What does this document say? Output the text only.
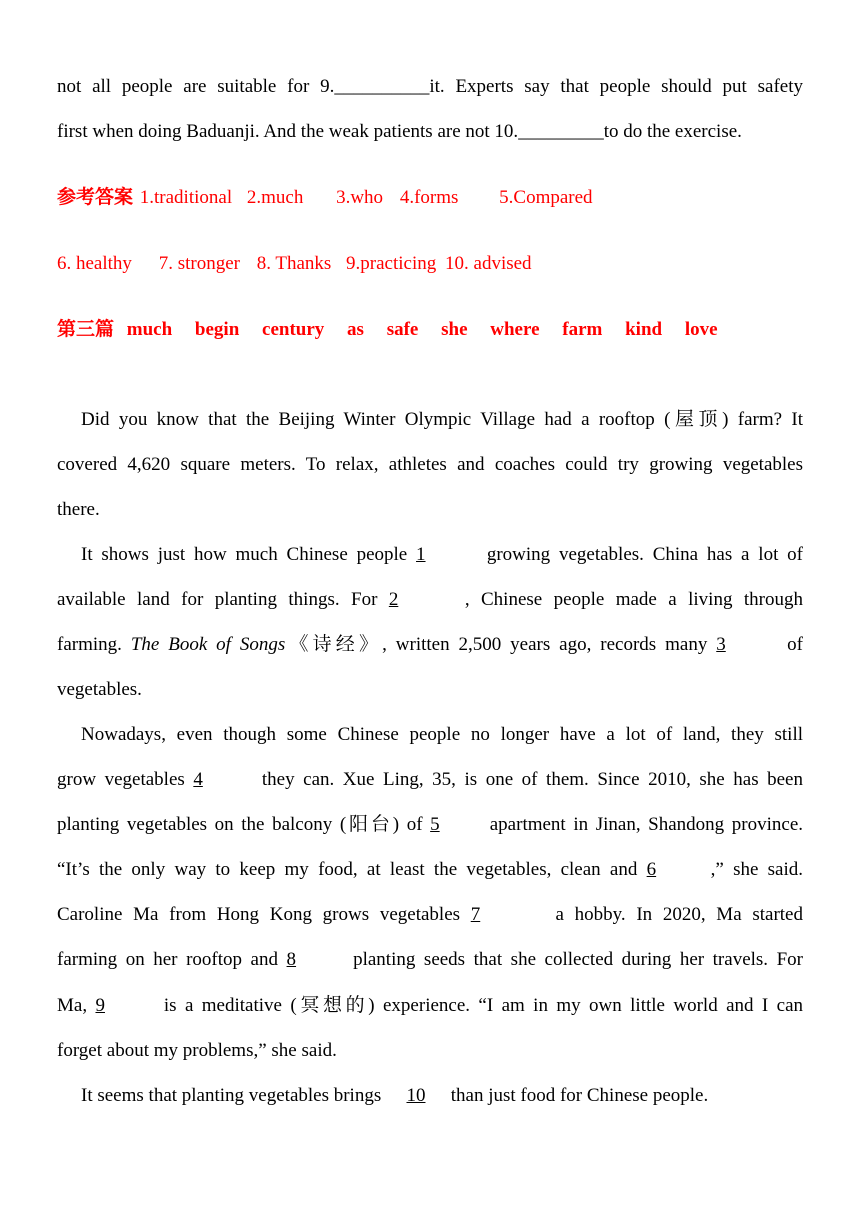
not all people are suitable for 9.__________it. Experts say that people should put safety
first when doing Baduanji. And the weak patients are not 10._________to do the exercise.
参考答案 1.traditional 2.much 3.who 4.forms 5.Compared
6. healthy 7. stronger 8. Thanks 9.practicing 10. advised
第三篇 much begin century as safe she where farm kind love
Did you know that the Beijing Winter Olympic Village had a rooftop (屋顶) farm? It
covered 4,620 square meters. To relax, athletes and coaches could try growing vegetables
there.
It shows just how much Chinese people 1	growing vegetables. China has a lot of
available land for planting things. For 2	, Chinese people made a living through
farming. The Book of Songs《诗经》, written 2,500 years ago, records many 3	of
vegetables.
Nowadays, even though some Chinese people no longer have a lot of land, they still
grow vegetables 4	they can. Xue Ling, 35, is one of them. Since 2010, she has been
planting vegetables on the balcony (阳台) of 5 apartment in Jinan, Shandong province.
“It’s the only way to keep my food, at least the vegetables, clean and 6	,” she said.
Caroline Ma from Hong Kong grows vegetables 7	a hobby. In 2020, Ma started
farming on her rooftop and 8	planting seeds that she collected during her travels. For
Ma, 9	is a meditative (冥想的) experience. “I am in my own little world and I can
forget about my problems,” she said.
It seems that planting vegetables brings 10 than just food for Chinese people.
